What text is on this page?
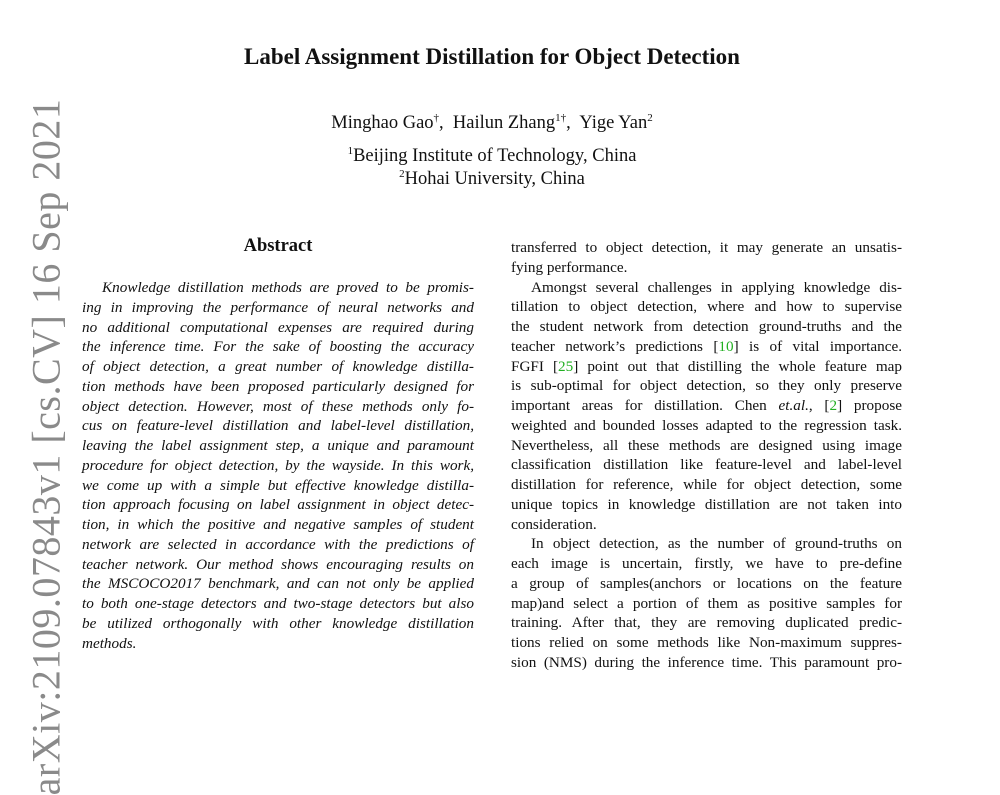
Label Assignment Distillation for Object Detection
Minghao Gao†,  Hailun Zhang$^{1\dagger}$,  Yige Yan$^2$
$^1$Beijing Institute of Technology, China
$^2$Hohai University, China
arXiv:2109.07843v1 [cs.CV] 16 Sep 2021	Abstract
Knowledge distillation methods are proved to be promis-
ing in improving the performance of neural networks and
no additional computational expenses are required during
the inference time. For the sake of boosting the accuracy
of object detection, a great number of knowledge distilla-
tion methods have been proposed particularly designed for
object detection. However, most of these methods only fo-
cus on feature-level distillation and label-level distillation,
leaving the label assignment step, a unique and paramount
procedure for object detection, by the wayside. In this work,
we come up with a simple but effective knowledge distilla-
tion approach focusing on label assignment in object detec-
tion, in which the positive and negative samples of student
network are selected in accordance with the predictions of
teacher network. Our method shows encouraging results on
the MSCOCO2017 benchmark, and can not only be applied
to both one-stage detectors and two-stage detectors but also
be utilized orthogonally with other knowledge distillation
methods.
transferred to object detection, it may generate an unsatis-
fying performance.
Amongst several challenges in applying knowledge dis-
tillation to object detection, where and how to supervise
the student network from detection ground-truths and the
teacher network’s predictions [10] is of vital importance.
FGFI [25] point out that distilling the whole feature map
is sub-optimal for object detection, so they only preserve
important areas for distillation. Chen et.al., [2] propose
weighted and bounded losses adapted to the regression task.
Nevertheless, all these methods are designed using image
classification distillation like feature-level and label-level
distillation for reference, while for object detection, some
unique topics in knowledge distillation are not taken into
consideration.
In object detection, as the number of ground-truths on
each image is uncertain, firstly, we have to pre-define
a group of samples(anchors or locations on the feature
map)and select a portion of them as positive samples for
training. After that, they are removing duplicated predic-
tions relied on some methods like Non-maximum suppres-
sion (NMS) during the inference time. This paramount pro-
